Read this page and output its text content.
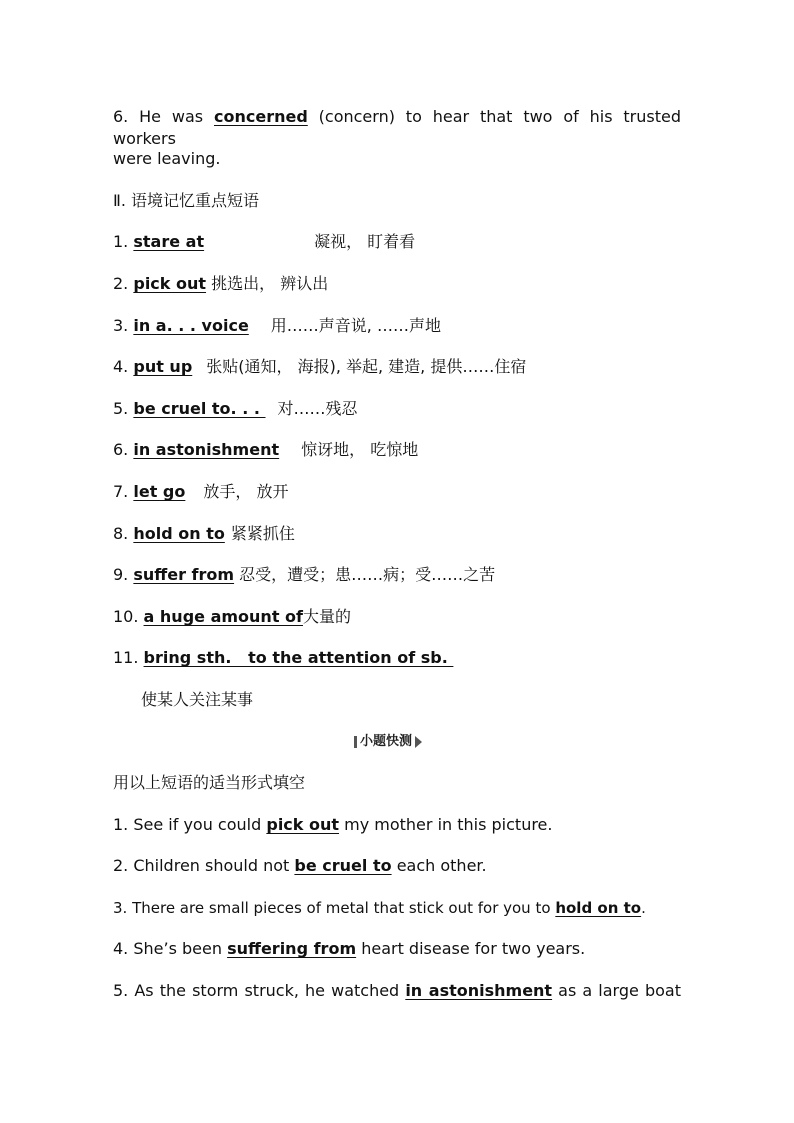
6. He was concerned (concern) to hear that two of his trusted workers
were leaving.
Ⅱ. 语境记忆重点短语
1. stare at	凝视， 盯着看
2. pick out 挑选出， 辨认出
3. in a. . . voice 用……声音说, ……声地
4. put up 张贴(通知， 海报), 举起, 建造, 提供……住宿
5. be cruel to. . . 对……残忍
6. in astonishment 惊讶地， 吃惊地
7. let go 放手， 放开
8. hold on to 紧紧抓住
9. suffer from 忍受，遭受；患……病；受……之苦
10. a huge amount of大量的
11. bring sth.   to the attention of sb.
使某人关注某事
小题快测
用以上短语的适当形式填空
1. See if you could pick out my mother in this picture.
2. Children should not be cruel to each other.
3. There are small pieces of metal that stick out for you to hold on to.
4. She’s been suffering from heart disease for two years.
5. As the storm struck, he watched in astonishment as a large boat
